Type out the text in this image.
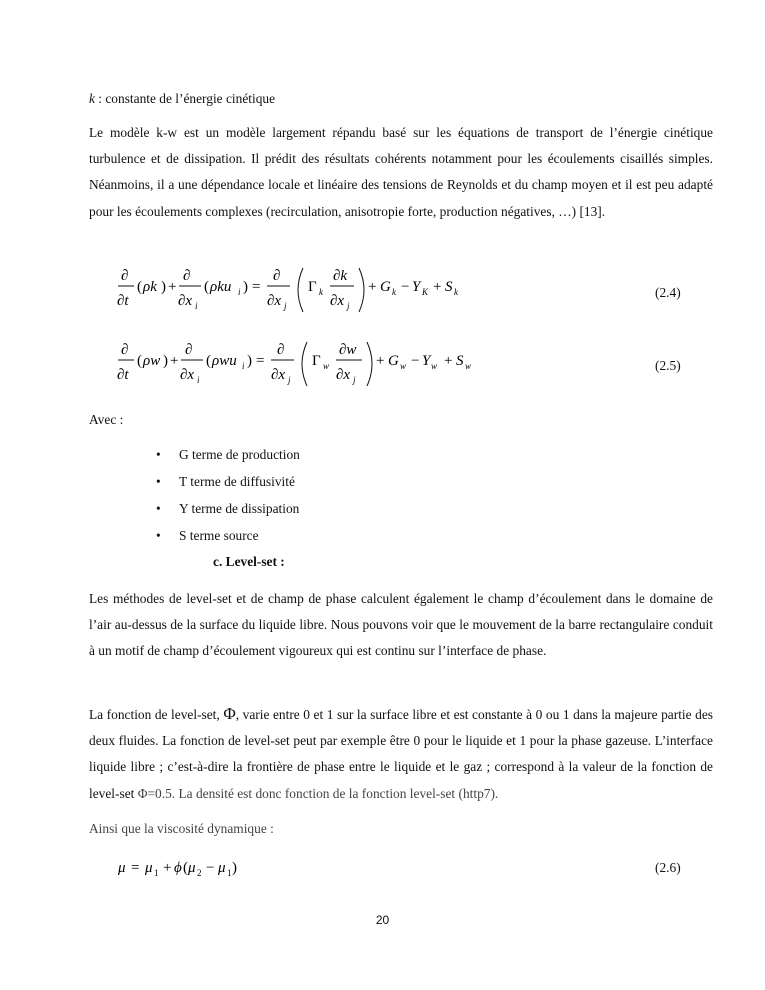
k : constante de l’énergie cinétique
Le modèle k-w est un modèle largement répandu basé sur les équations de transport de l’énergie cinétique turbulence et de dissipation. Il prédit des résultats cohérents notamment pour les écoulements cisaillés simples. Néanmoins, il a une dépendance locale et linéaire des tensions de Reynolds et du champ moyen et il est peu adapté pour les écoulements complexes (recirculation, anisotropie forte, production négatives, …) [13].
∂
∂t
( ρk ) +
∂
∂x i
( ρku i ) =
∂
∂x j
Γ k
∂k
∂x j
+ G k − Y K + S k	(2.4)
∂
∂t
( ρw ) +
∂
∂x i
( ρwu i ) =
∂
∂x j
Γ w
∂w
∂x j
+ G w − Y w + S w	(2.5)
Avec :
• G terme de production
• T terme de diffusivité
• Y terme de dissipation
• S terme source
c. Level-set :
Les méthodes de level-set et de champ de phase calculent également le champ d’écoulement dans le domaine de l’air au-dessus de la surface du liquide libre. Nous pouvons voir que le mouvement de la barre rectangulaire conduit à un motif de champ d’écoulement vigoureux qui est continu sur l’interface de phase.
La fonction de level-set, Φ, varie entre 0 et 1 sur la surface libre et est constante à 0 ou 1 dans la majeure partie des deux fluides. La fonction de level-set peut par exemple être 0 pour le liquide et 1 pour la phase gazeuse. L’interface liquide libre ; c’est-à-dire la frontière de phase entre le liquide et le gaz ; correspond à la valeur de la fonction de level-set Φ=0.5. La densité est donc fonction de la fonction level-set (http7).
Ainsi que la viscosité dynamique :
μ = μ 1 + ϕ ( μ 2 − μ 1 )	(2.6)
20
